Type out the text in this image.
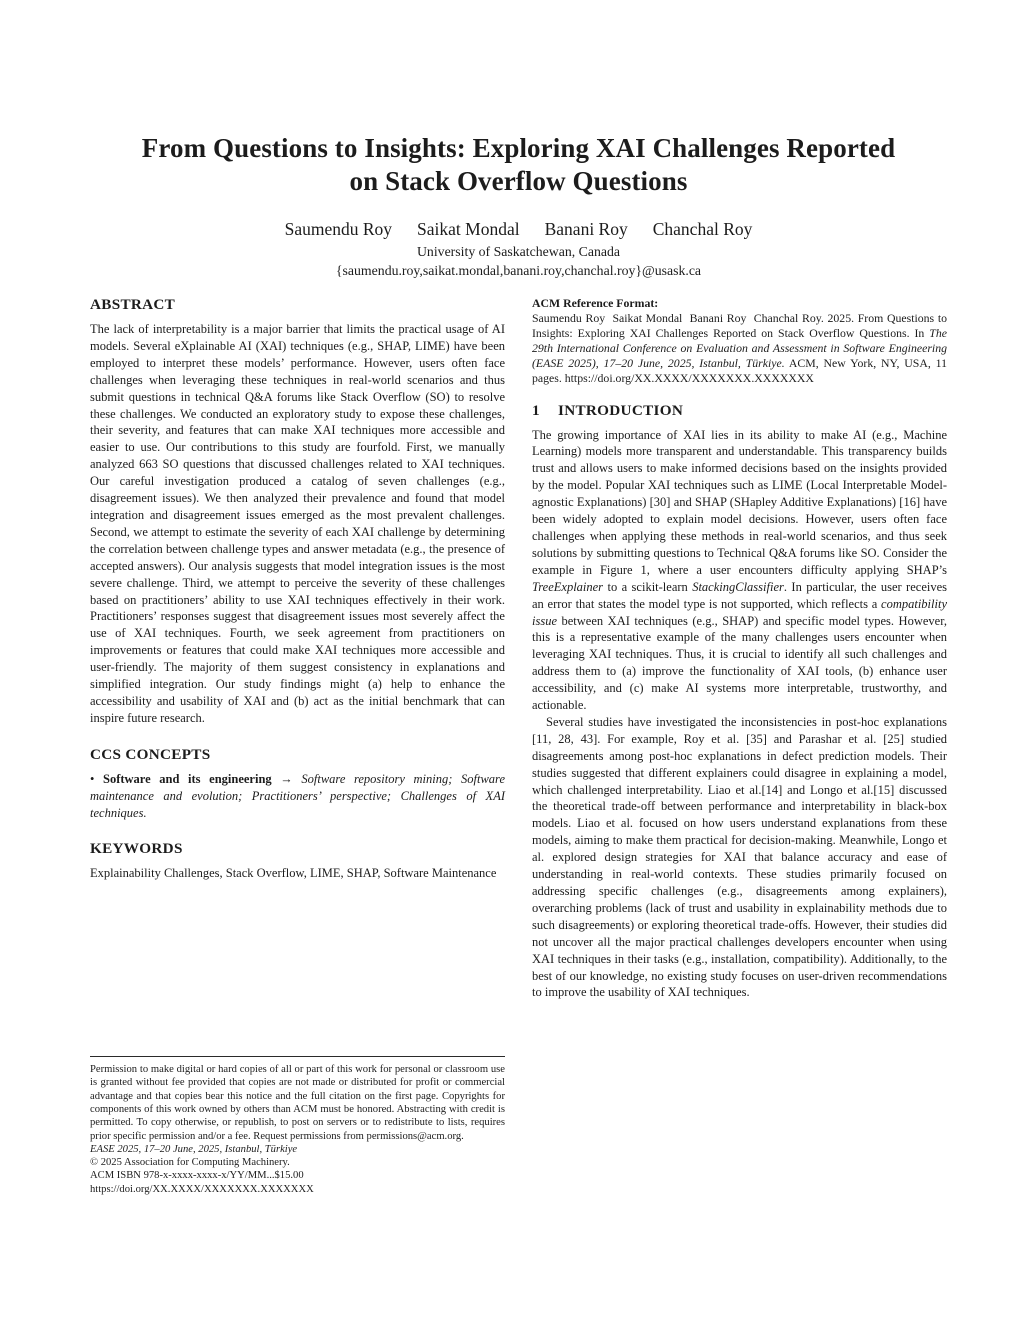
From Questions to Insights: Exploring XAI Challenges Reported
on Stack Overflow Questions
Saumendu Roy Saikat Mondal Banani Roy Chanchal Roy
University of Saskatchewan, Canada
{saumendu.roy,saikat.mondal,banani.roy,chanchal.roy}@usask.ca
ABSTRACT

The lack of interpretability is a major barrier that limits the practical usage of AI models. Several eXplainable AI (XAI) techniques (e.g., SHAP, LIME) have been employed to interpret these models’ performance. However, users often face challenges when leveraging these techniques in real-world scenarios and thus submit questions in technical Q&A forums like Stack Overflow (SO) to resolve these challenges. We conducted an exploratory study to expose these challenges, their severity, and features that can make XAI techniques more accessible and easier to use. Our contributions to this study are fourfold. First, we manually analyzed 663 SO questions that discussed challenges related to XAI techniques. Our careful investigation produced a catalog of seven challenges (e.g., disagreement issues). We then analyzed their prevalence and found that model integration and disagreement issues emerged as the most prevalent challenges. Second, we attempt to estimate the severity of each XAI challenge by determining the correlation between challenge types and answer metadata (e.g., the presence of accepted answers). Our analysis suggests that model integration issues is the most severe challenge. Third, we attempt to perceive the severity of these challenges based on practitioners’ ability to use XAI techniques effectively in their work. Practitioners’ responses suggest that disagreement issues most severely affect the use of XAI techniques. Fourth, we seek agreement from practitioners on improvements or features that could make XAI techniques more accessible and user-friendly. The majority of them suggest consistency in explanations and simplified integration. Our study findings might (a) help to enhance the accessibility and usability of XAI and (b) act as the initial benchmark that can inspire future research.

CCS CONCEPTS

• Software and its engineering → Software repository mining; Software maintenance and evolution; Practitioners’ perspective; Challenges of XAI techniques.

KEYWORDS

Explainability Challenges, Stack Overflow, LIME, SHAP, Software Maintenance

Permission to make digital or hard copies of all or part of this work for personal or classroom use is granted without fee provided that copies are not made or distributed for profit or commercial advantage and that copies bear this notice and the full citation on the first page. Copyrights for components of this work owned by others than ACM must be honored. Abstracting with credit is permitted. To copy otherwise, or republish, to post on servers or to redistribute to lists, requires prior specific permission and/or a fee. Request permissions from permissions@acm.org.

EASE 2025, 17–20 June, 2025, Istanbul, Türkiye

© 2025 Association for Computing Machinery.

ACM ISBN 978-x-xxxx-xxxx-x/YY/MM...$15.00

https://doi.org/XX.XXXX/XXXXXXX.XXXXXXX

ACM Reference Format:

Saumendu Roy  Saikat Mondal  Banani Roy  Chanchal Roy. 2025. From Questions to Insights: Exploring XAI Challenges Reported on Stack Overflow Questions. In The 29th International Conference on Evaluation and Assessment in Software Engineering (EASE 2025), 17–20 June, 2025, Istanbul, Türkiye. ACM, New York, NY, USA, 11 pages. https://doi.org/XX.XXXX/XXXXXXX.XXXXXXX

1 INTRODUCTION

The growing importance of XAI lies in its ability to make AI (e.g., Machine Learning) models more transparent and understandable. This transparency builds trust and allows users to make informed decisions based on the insights provided by the model. Popular XAI techniques such as LIME (Local Interpretable Model-agnostic Explanations) [30] and SHAP (SHapley Additive Explanations) [16] have been widely adopted to explain model decisions. However, users often face challenges when applying these methods in real-world scenarios, and thus seek solutions by submitting questions to Technical Q&A forums like SO. Consider the example in Figure 1, where a user encounters difficulty applying SHAP’s TreeExplainer to a scikit-learn StackingClassifier. In particular, the user receives an error that states the model type is not supported, which reflects a compatibility issue between XAI techniques (e.g., SHAP) and specific model types. However, this is a representative example of the many challenges users encounter when leveraging XAI techniques. Thus, it is crucial to identify all such challenges and address them to (a) improve the functionality of XAI tools, (b) enhance user accessibility, and (c) make AI systems more interpretable, trustworthy, and actionable.

Several studies have investigated the inconsistencies in post-hoc explanations [11, 28, 43]. For example, Roy et al. [35] and Parashar et al. [25] studied disagreements among post-hoc explanations in defect prediction models. Their studies suggested that different explainers could disagree in explaining a model, which challenged interpretability. Liao et al.[14] and Longo et al.[15] discussed the theoretical trade-off between performance and interpretability in black-box models. Liao et al. focused on how users understand explanations from these models, aiming to make them practical for decision-making. Meanwhile, Longo et al. explored design strategies for XAI that balance accuracy and ease of understanding in real-world contexts. These studies primarily focused on addressing specific challenges (e.g., disagreements among explainers), overarching problems (lack of trust and usability in explainability methods due to such disagreements) or exploring theoretical trade-offs. However, their studies did not uncover all the major practical challenges developers encounter when using XAI techniques in their tasks (e.g., installation, compatibility). Additionally, to the best of our knowledge, no existing study focuses on user-driven recommendations to improve the usability of XAI techniques.
